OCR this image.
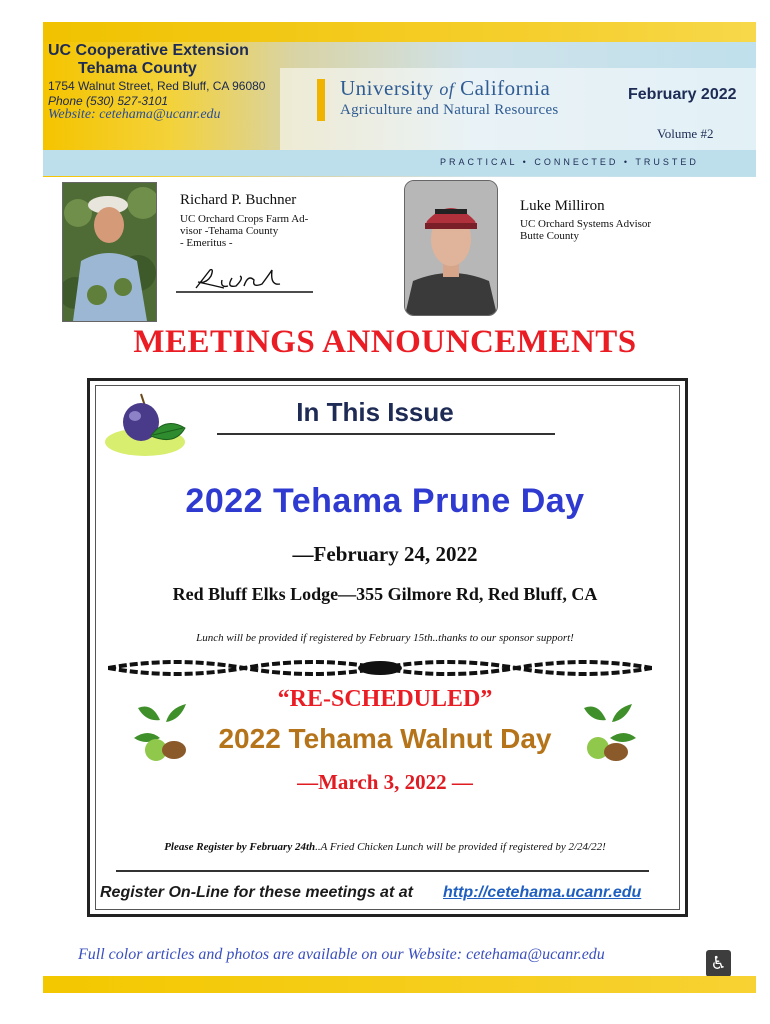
UC Cooperative Extension
Tehama County
1754 Walnut Street, Red Bluff, CA 96080
Phone (530) 527-3101
Website: cetehama@ucanr.edu
University of California
Agriculture and Natural Resources
February 2022
Volume #2
PRACTICAL • CONNECTED • TRUSTED
Richard P. Buchner
UC Orchard Crops Farm Ad-
visor -Tehama County
- Emeritus -
Luke Milliron
UC Orchard Systems Advisor
Butte County
MEETINGS ANNOUNCEMENTS
In This Issue
2022 Tehama Prune Day
—February 24, 2022
Red Bluff Elks Lodge—355 Gilmore Rd, Red Bluff, CA
Lunch will be provided if registered by February 15th..thanks to our sponsor support!
“RE-SCHEDULED”
2022 Tehama Walnut Day
—March 3, 2022 —
Please Register by February 24th..A Fried Chicken Lunch will be provided if registered by 2/24/22!
Register On-Line for these meetings at at http://cetehama.ucanr.edu
Full color articles and photos are available on our Website: cetehama@ucanr.edu	♿
